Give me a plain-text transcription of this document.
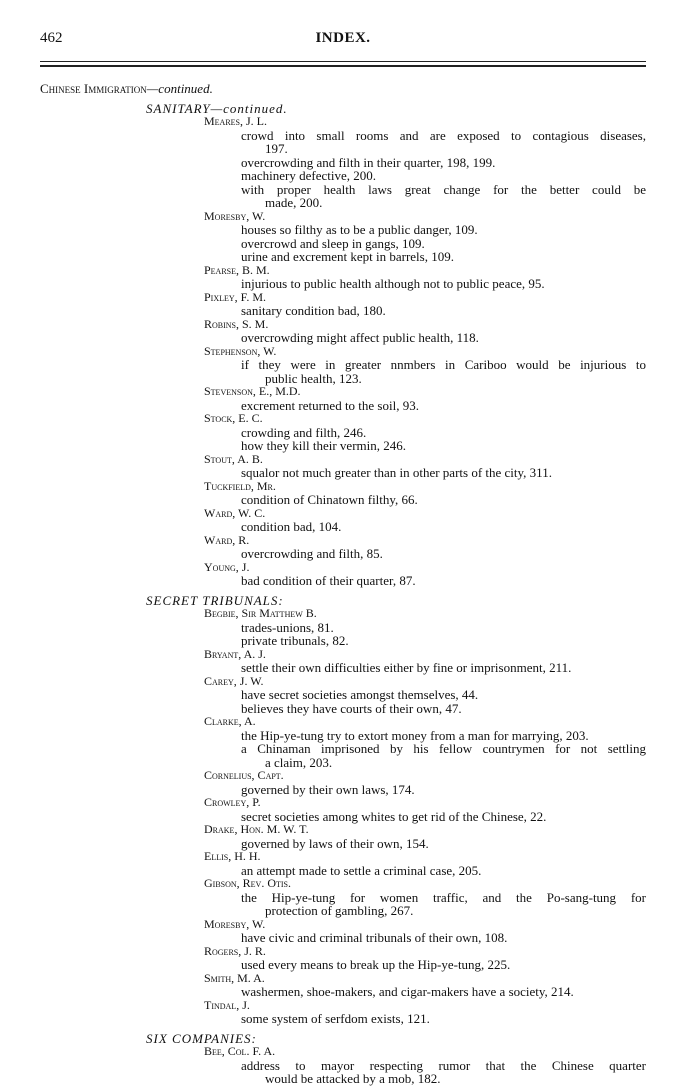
462	INDEX.
Chinese Immigration—continued.
SANITARY—continued.
Meares, J. L.
crowd into small rooms and are exposed to contagious diseases,
197.
overcrowding and filth in their quarter, 198, 199.
machinery defective, 200.
with proper health laws great change for the better could be
made, 200.
Moresby, W.
houses so filthy as to be a public danger, 109.
overcrowd and sleep in gangs, 109.
urine and excrement kept in barrels, 109.
Pearse, B. M.
injurious to public health although not to public peace, 95.
Pixley, F. M.
sanitary condition bad, 180.
Robins, S. M.
overcrowding might affect public health, 118.
Stephenson, W.
if they were in greater nnmbers in Cariboo would be injurious to
public health, 123.
Stevenson, E., M.D.
excrement returned to the soil, 93.
Stock, E. C.
crowding and filth, 246.
how they kill their vermin, 246.
Stout, A. B.
squalor not much greater than in other parts of the city, 311.
Tuckfield, Mr.
condition of Chinatown filthy, 66.
Ward, W. C.
condition bad, 104.
Ward, R.
overcrowding and filth, 85.
Young, J.
bad condition of their quarter, 87.
SECRET TRIBUNALS:
Begbie, Sir Matthew B.
trades-unions, 81.
private tribunals, 82.
Bryant, A. J.
settle their own difficulties either by fine or imprisonment, 211.
Carey, J. W.
have secret societies amongst themselves, 44.
believes they have courts of their own, 47.
Clarke, A.
the Hip-ye-tung try to extort money from a man for marrying, 203.
a Chinaman imprisoned by his fellow countrymen for not settling
a claim, 203.
Cornelius, Capt.
governed by their own laws, 174.
Crowley, P.
secret societies among whites to get rid of the Chinese, 22.
Drake, Hon. M. W. T.
governed by laws of their own, 154.
Ellis, H. H.
an attempt made to settle a criminal case, 205.
Gibson, Rev. Otis.
the Hip-ye-tung for women traffic, and the Po-sang-tung for
protection of gambling, 267.
Moresby, W.
have civic and criminal tribunals of their own, 108.
Rogers, J. R.
used every means to break up the Hip-ye-tung, 225.
Smith, M. A.
washermen, shoe-makers, and cigar-makers have a society, 214.
Tindal, J.
some system of serfdom exists, 121.
SIX COMPANIES:
Bee, Col. F. A.
address to mayor respecting rumor that the Chinese quarter
would be attacked by a mob, 182.
